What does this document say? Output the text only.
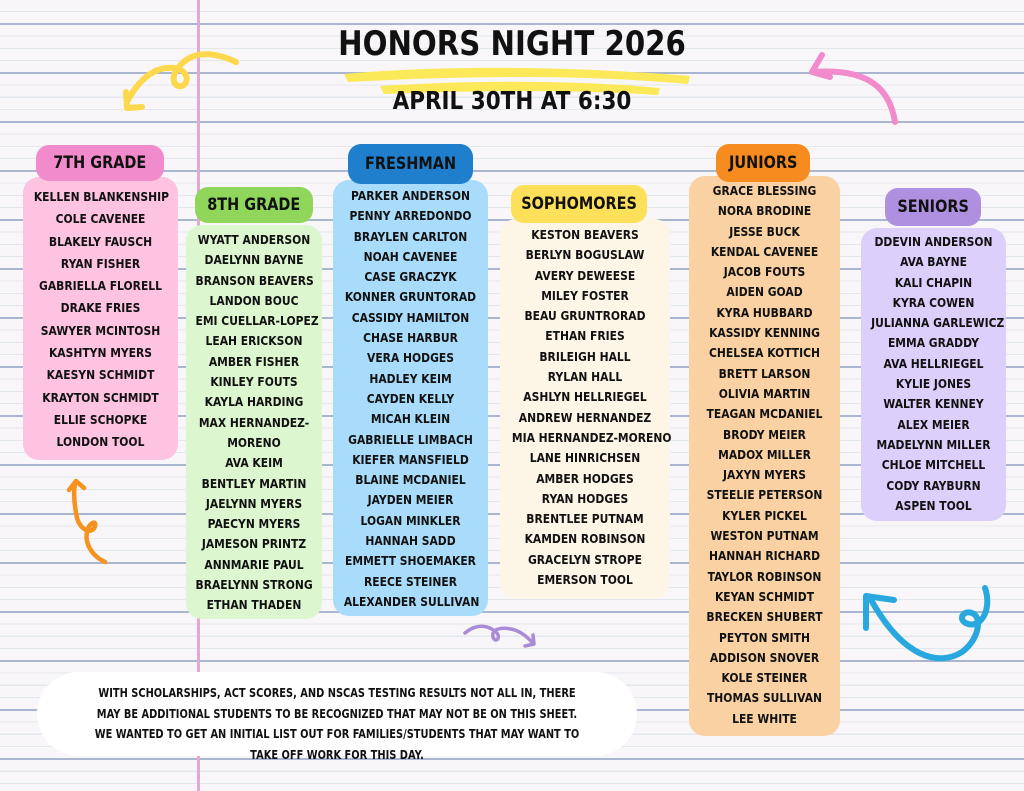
HONORS NIGHT 2026
APRIL 30TH AT 6:30
7TH GRADE
KELLEN BLANKENSHIP
COLE CAVENEE
BLAKELY FAUSCH
RYAN FISHER
GABRIELLA FLORELL
DRAKE FRIES
SAWYER MCINTOSH
KASHTYN MYERS
KAESYN SCHMIDT
KRAYTON SCHMIDT
ELLIE SCHOPKE
LONDON TOOL
8TH GRADE
WYATT ANDERSON
DAELYNN BAYNE
BRANSON BEAVERS
LANDON BOUC
EMI CUELLAR-LOPEZ
LEAH ERICKSON
AMBER FISHER
KINLEY FOUTS
KAYLA HARDING
MAX HERNANDEZ-
MORENO
AVA KEIM
BENTLEY MARTIN
JAELYNN MYERS
PAECYN MYERS
JAMESON PRINTZ
ANNMARIE PAUL
BRAELYNN STRONG
ETHAN THADEN
FRESHMAN
PARKER ANDERSON
PENNY ARREDONDO
BRAYLEN CARLTON
NOAH CAVENEE
CASE GRACZYK
KONNER GRUNTORAD
CASSIDY HAMILTON
CHASE HARBUR
VERA HODGES
HADLEY KEIM
CAYDEN KELLY
MICAH KLEIN
GABRIELLE LIMBACH
KIEFER MANSFIELD
BLAINE MCDANIEL
JAYDEN MEIER
LOGAN MINKLER
HANNAH SADD
EMMETT SHOEMAKER
REECE STEINER
ALEXANDER SULLIVAN
SOPHOMORES
KESTON BEAVERS
BERLYN BOGUSLAW
AVERY DEWEESE
MILEY FOSTER
BEAU GRUNTRORAD
ETHAN FRIES
BRILEIGH HALL
RYLAN HALL
ASHLYN HELLRIEGEL
ANDREW HERNANDEZ
MIA HERNANDEZ-MORENO
LANE HINRICHSEN
AMBER HODGES
RYAN HODGES
BRENTLEE PUTNAM
KAMDEN ROBINSON
GRACELYN STROPE
EMERSON TOOL
JUNIORS
GRACE BLESSING
NORA BRODINE
JESSE BUCK
KENDAL CAVENEE
JACOB FOUTS
AIDEN GOAD
KYRA HUBBARD
KASSIDY KENNING
CHELSEA KOTTICH
BRETT LARSON
OLIVIA MARTIN
TEAGAN MCDANIEL
BRODY MEIER
MADOX MILLER
JAXYN MYERS
STEELIE PETERSON
KYLER PICKEL
WESTON PUTNAM
HANNAH RICHARD
TAYLOR ROBINSON
KEYAN SCHMIDT
BRECKEN SHUBERT
PEYTON SMITH
ADDISON SNOVER
KOLE STEINER
THOMAS SULLIVAN
LEE WHITE
SENIORS
DDEVIN ANDERSON
AVA BAYNE
KALI CHAPIN
KYRA COWEN
JULIANNA GARLEWICZ
EMMA GRADDY
AVA HELLRIEGEL
KYLIE JONES
WALTER KENNEY
ALEX MEIER
MADELYNN MILLER
CHLOE MITCHELL
CODY RAYBURN
ASPEN TOOL

WITH SCHOLARSHIPS, ACT SCORES, AND NSCAS TESTING RESULTS NOT ALL IN, THERE MAY BE ADDITIONAL STUDENTS TO BE RECOGNIZED THAT MAY NOT BE ON THIS SHEET. WE WANTED TO GET AN INITIAL LIST OUT FOR FAMILIES/STUDENTS THAT MAY WANT TO TAKE OFF WORK FOR THIS DAY.
